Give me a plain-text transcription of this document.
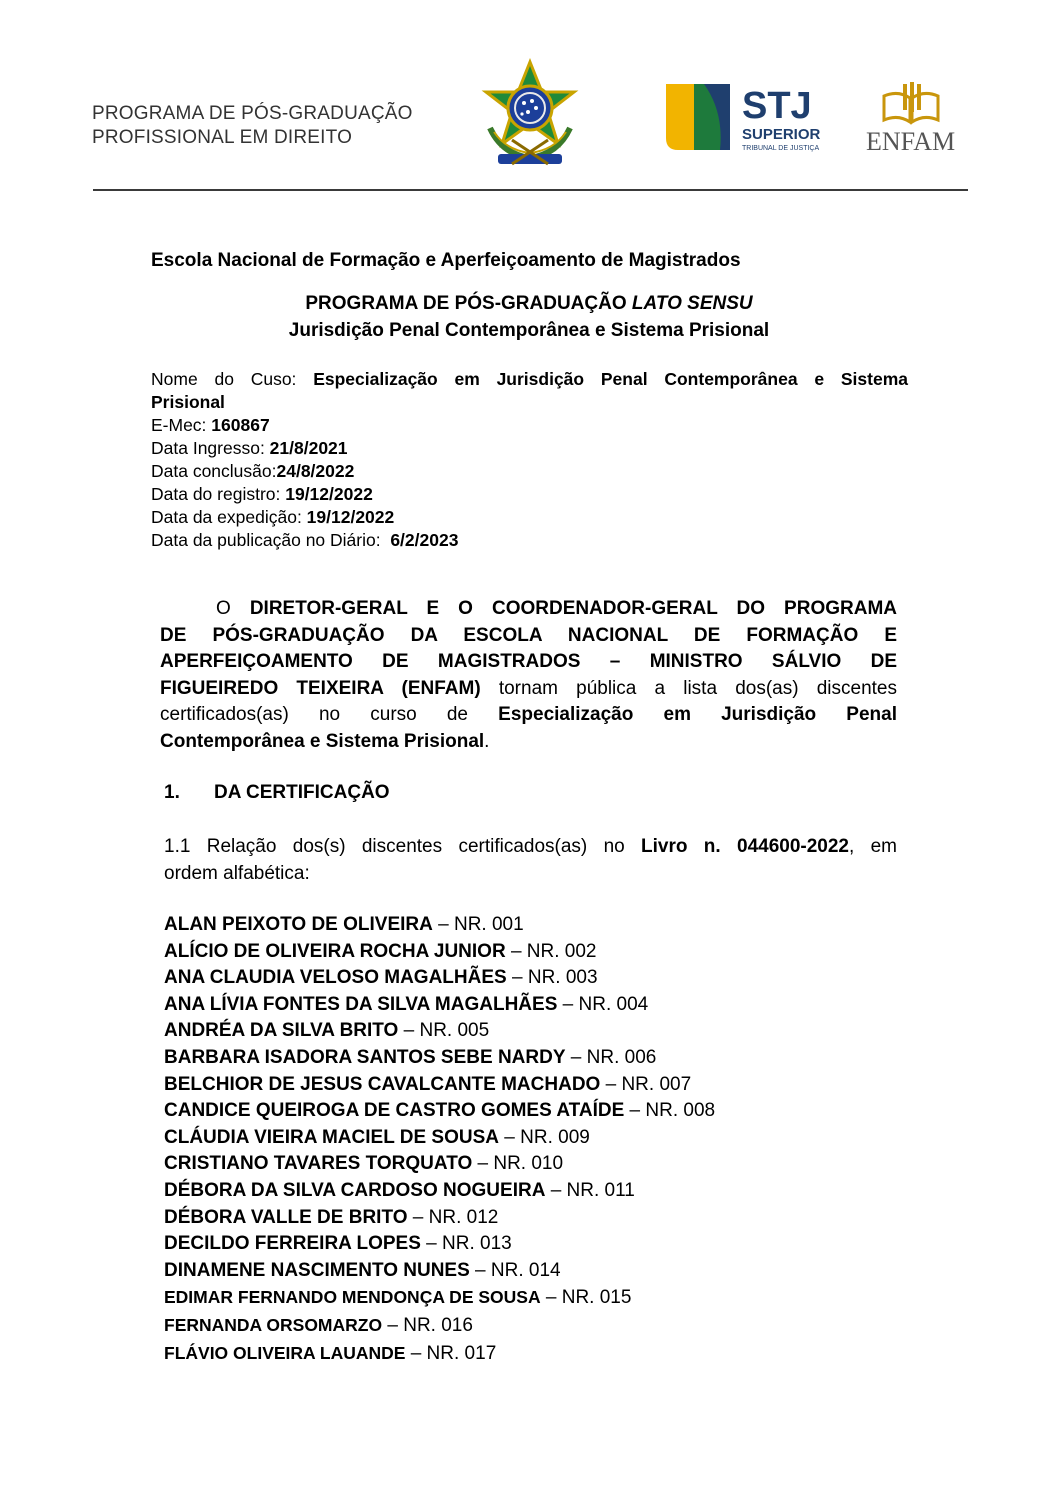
PROGRAMA DE PÓS-GRADUAÇÃO
PROFISSIONAL EM DIREITO
STJ
SUPERIOR
TRIBUNAL DE JUSTIÇA ENFAM
Escola Nacional de Formação e Aperfeiçoamento de Magistrados
PROGRAMA DE PÓS-GRADUAÇÃO LATO SENSU
Jurisdição Penal Contemporânea e Sistema Prisional
Nome do Cuso: Especialização em Jurisdição Penal Contemporânea e Sistema
Prisional
E-Mec: 160867
Data Ingresso: 21/8/2021
Data conclusão:24/8/2022
Data do registro: 19/12/2022
Data da expedição: 19/12/2022
Data da publicação no Diário:  6/2/2023
O DIRETOR-GERAL E O COORDENADOR-GERAL DO PROGRAMA
DE PÓS-GRADUAÇÃO DA ESCOLA NACIONAL DE FORMAÇÃO E
APERFEIÇOAMENTO DE MAGISTRADOS – MINISTRO SÁLVIO DE
FIGUEIREDO TEIXEIRA (ENFAM) tornam pública a lista dos(as) discentes
certificados(as) no curso de Especialização em Jurisdição Penal
Contemporânea e Sistema Prisional.
1. DA CERTIFICAÇÃO
1.1 Relação dos(s) discentes certificados(as) no Livro n. 044600-2022, em
ordem alfabética:
ALAN PEIXOTO DE OLIVEIRA – NR. 001
ALÍCIO DE OLIVEIRA ROCHA JUNIOR – NR. 002
ANA CLAUDIA VELOSO MAGALHÃES – NR. 003
ANA LÍVIA FONTES DA SILVA MAGALHÃES – NR. 004
ANDRÉA DA SILVA BRITO – NR. 005
BARBARA ISADORA SANTOS SEBE NARDY – NR. 006
BELCHIOR DE JESUS CAVALCANTE MACHADO – NR. 007
CANDICE QUEIROGA DE CASTRO GOMES ATAÍDE – NR. 008
CLÁUDIA VIEIRA MACIEL DE SOUSA – NR. 009
CRISTIANO TAVARES TORQUATO – NR. 010
DÉBORA DA SILVA CARDOSO NOGUEIRA – NR. 011
DÉBORA VALLE DE BRITO – NR. 012
DECILDO FERREIRA LOPES – NR. 013
DINAMENE NASCIMENTO NUNES – NR. 014
EDIMAR FERNANDO MENDONÇA DE SOUSA – NR. 015
FERNANDA ORSOMARZO – NR. 016
FLÁVIO OLIVEIRA LAUANDE – NR. 017
